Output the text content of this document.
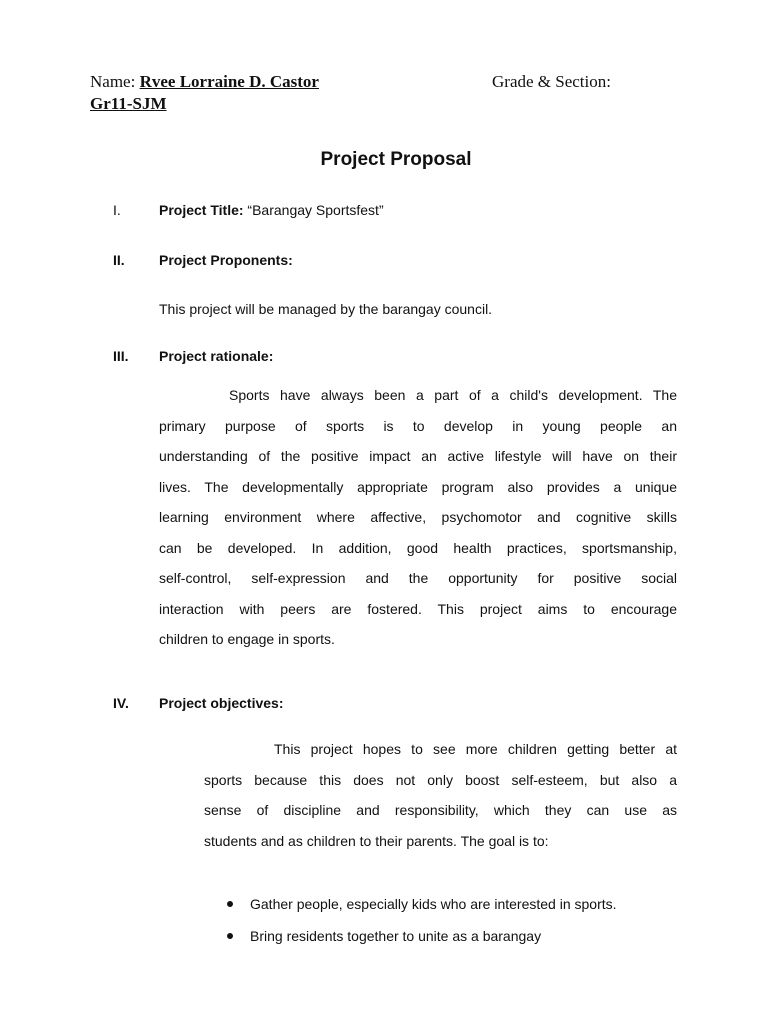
Name: Rvee Lorraine D. Castor	Grade & Section:
Gr11-SJM
Project Proposal
I.	Project Title: “Barangay Sportsfest”
II. Project Proponents:
This project will be managed by the barangay council.
III. Project rationale:
Sports have always been a part of a child's development. The
primary purpose of sports is to develop in young people an
understanding of the positive impact an active lifestyle will have on their
lives. The developmentally appropriate program also provides a unique
learning environment where affective, psychomotor and cognitive skills
can be developed. In addition, good health practices, sportsmanship,
self-control, self-expression and the opportunity for positive social
interaction with peers are fostered. This project aims to encourage
children to engage in sports.
IV. Project objectives:
This project hopes to see more children getting better at
sports because this does not only boost self-esteem, but also a
sense of discipline and responsibility, which they can use as
students and as children to their parents. The goal is to:
Gather people, especially kids who are interested in sports.
Bring residents together to unite as a barangay
